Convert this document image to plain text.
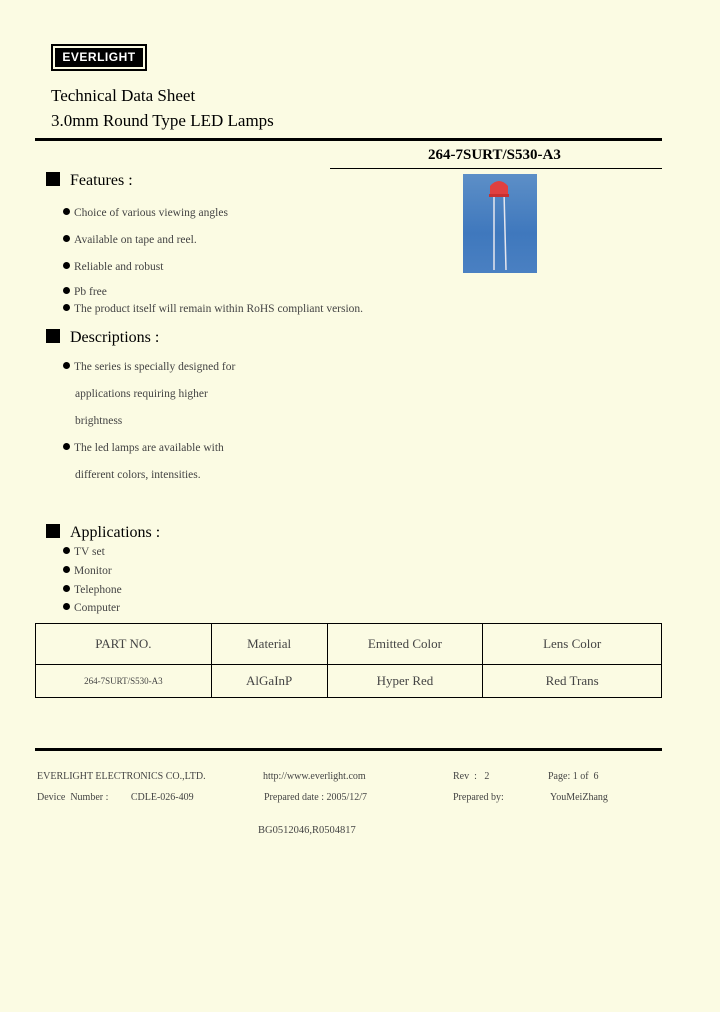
EVERLIGHT
Technical Data Sheet
3.0mm Round Type LED Lamps
264-7SURT/S530-A3
Features :
Choice of various viewing angles
Available on tape and reel.
Reliable and robust
Pb free
The product itself will remain within RoHS compliant version.
Descriptions :
The series is specially designed for
applications requiring higher
brightness
The led lamps are available with
different colors, intensities.
Applications :
TV set
Monitor
Telephone
Computer
PART NO.	Material	Emitted Color	Lens Color
264-7SURT/S530-A3	AlGaInP	Hyper Red	Red Trans
EVERLIGHT ELECTRONICS CO.,LTD.	http://www.everlight.com	Rev  :   2	Page: 1 of  6
Device  Number :         CDLE-026-409	Prepared date : 2005/12/7	Prepared by:	YouMeiZhang
BG0512046,R0504817
